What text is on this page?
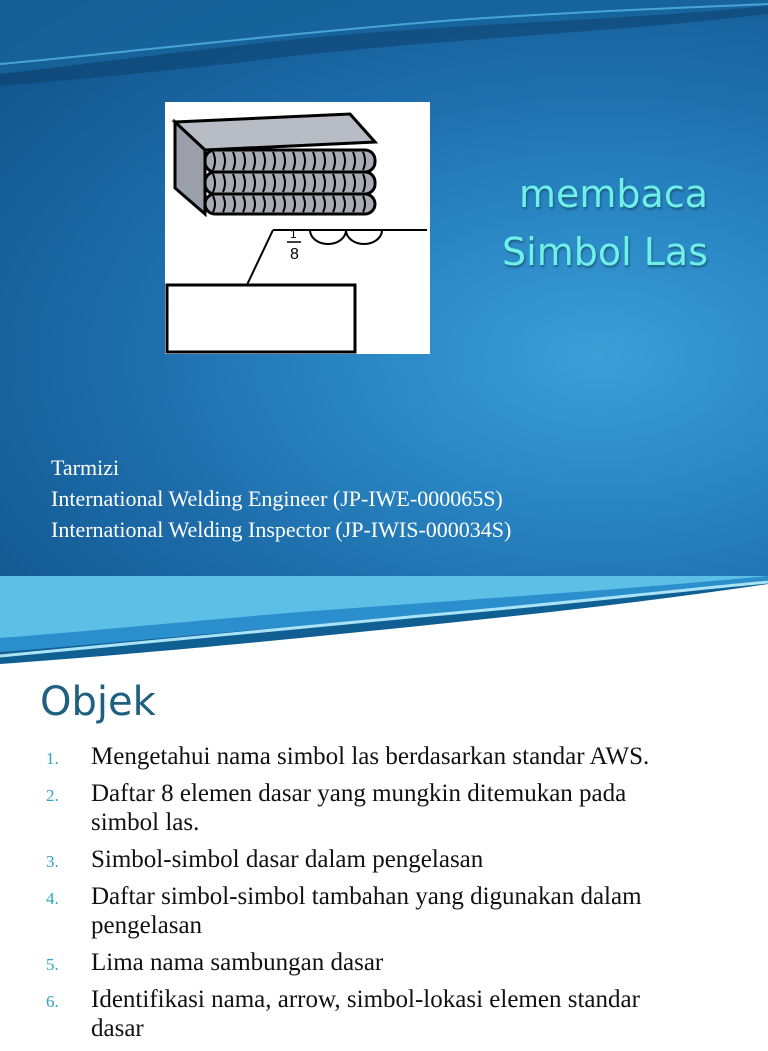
1
8
membaca
Simbol Las
Tarmizi
International Welding Engineer (JP-IWE-000065S)
International Welding Inspector (JP-IWIS-000034S)
Objek
1.	Mengetahui nama simbol las berdasarkan standar AWS.
2.	Daftar 8 elemen dasar yang mungkin ditemukan pada simbol las.
3.	Simbol-simbol dasar dalam pengelasan
4.	Daftar simbol-simbol tambahan yang digunakan dalam pengelasan
5.	Lima nama sambungan dasar
6.	Identifikasi nama, arrow, simbol-lokasi elemen standar dasar
